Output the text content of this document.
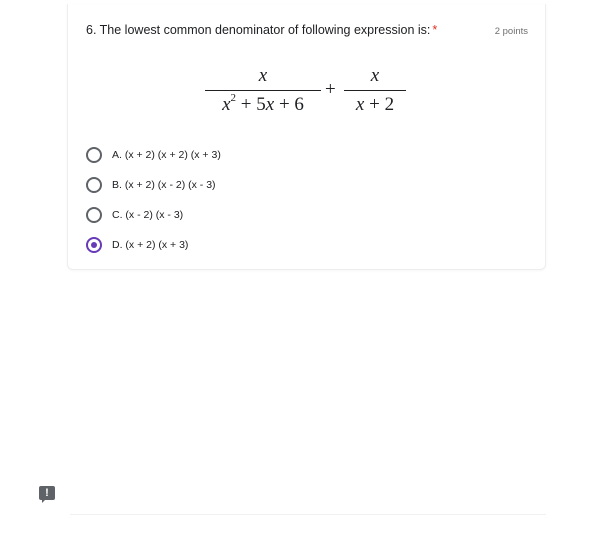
6. The lowest common denominator of following expression is: *	2 points
x
$x^2 + 5x + 6$
+
x
x + 2
A. (x + 2) (x + 2) (x + 3)
B. (x + 2) (x - 2) (x - 3)
C. (x - 2) (x - 3)
D. (x + 2) (x + 3)
!
